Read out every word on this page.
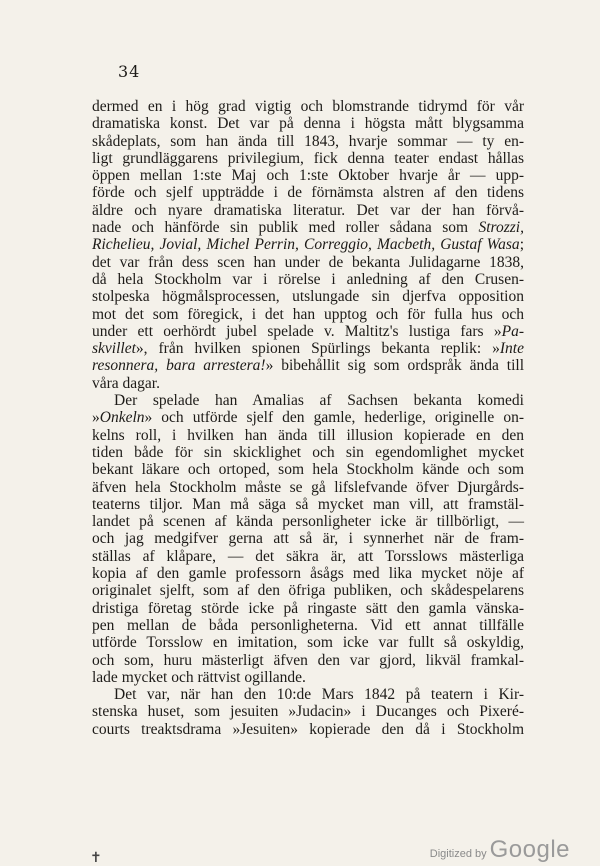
34
dermed en i hög grad vigtig och blomstrande tidrymd för vår
dramatiska konst. Det var på denna i högsta mått blygsamma
skådeplats, som han ända till 1843, hvarje sommar — ty en-
ligt grundläggarens privilegium, fick denna teater endast hållas
öppen mellan 1:ste Maj och 1:ste Oktober hvarje år — upp-
förde och sjelf uppträdde i de förnämsta alstren af den tidens
äldre och nyare dramatiska literatur. Det var der han förvå-
nade och hänförde sin publik med roller sådana som Strozzi,
Richelieu, Jovial, Michel Perrin, Correggio, Macbeth, Gustaf Wasa;
det var från dess scen han under de bekanta Julidagarne 1838,
då hela Stockholm var i rörelse i anledning af den Crusen-
stolpeska högmålsprocessen, utslungade sin djerfva opposition
mot det som föregick, i det han upptog och för fulla hus och
under ett oerhördt jubel spelade v. Maltitz's lustiga fars »Pa-
skvillet», från hvilken spionen Spürlings bekanta replik: »Inte
resonnera, bara arrestera!» bibehållit sig som ordspråk ända till
våra dagar.
Der spelade han Amalias af Sachsen bekanta komedi
»Onkeln» och utförde sjelf den gamle, hederlige, originelle on-
kelns roll, i hvilken han ända till illusion kopierade en den
tiden både för sin skicklighet och sin egendomlighet mycket
bekant läkare och ortoped, som hela Stockholm kände och som
äfven hela Stockholm måste se gå lifslefvande öfver Djurgårds-
teaterns tiljor. Man må säga så mycket man vill, att framstäl-
landet på scenen af kända personligheter icke är tillbörligt, —
och jag medgifver gerna att så är, i synnerhet när de fram-
ställas af klåpare, — det säkra är, att Torsslows mästerliga
kopia af den gamle professorn åsågs med lika mycket nöje af
originalet sjelft, som af den öfriga publiken, och skådespelarens
dristiga företag störde icke på ringaste sätt den gamla vänska-
pen mellan de båda personligheterna. Vid ett annat tillfälle
utförde Torsslow en imitation, som icke var fullt så oskyldig,
och som, huru mästerligt äfven den var gjord, likväl framkal-
lade mycket och rättvist ogillande.
Det var, när han den 10:de Mars 1842 på teatern i Kir-
stenska huset, som jesuiten »Judacin» i Ducanges och Pixeré-
courts treaktsdrama »Jesuiten» kopierade den då i Stockholm
✝	Digitized by Google
